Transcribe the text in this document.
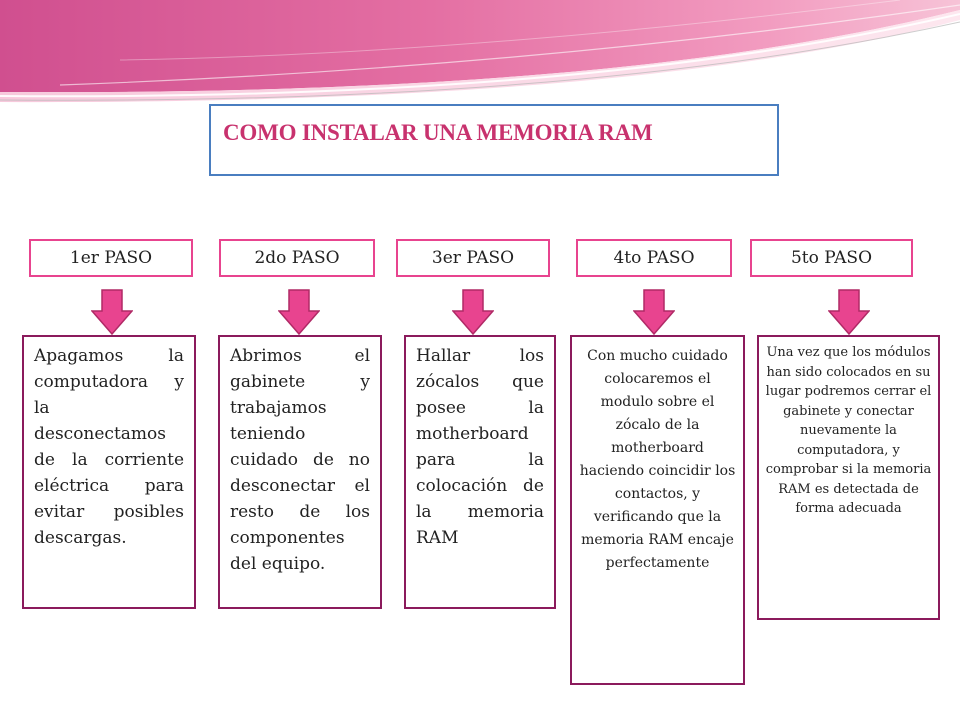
COMO INSTALAR UNA MEMORIA RAM
1er PASO	2do PASO	3er PASO	4to PASO	5to PASO
Apagamos la computadora y la desconectamos de la corriente eléctrica para evitar posibles descargas.
Abrimos el gabinete y trabajamos teniendo cuidado de no desconectar el resto de los componentes del equipo.
Hallar los zócalos que posee la motherboard para la colocación de la memoria RAM
Con mucho cuidado colocaremos el modulo sobre el zócalo de la motherboard haciendo coincidir los contactos, y verificando que la memoria RAM encaje perfectamente
Una vez que los módulos han sido colocados en su lugar podremos cerrar el gabinete y conectar nuevamente la computadora, y comprobar si la memoria RAM es detectada de forma adecuada
